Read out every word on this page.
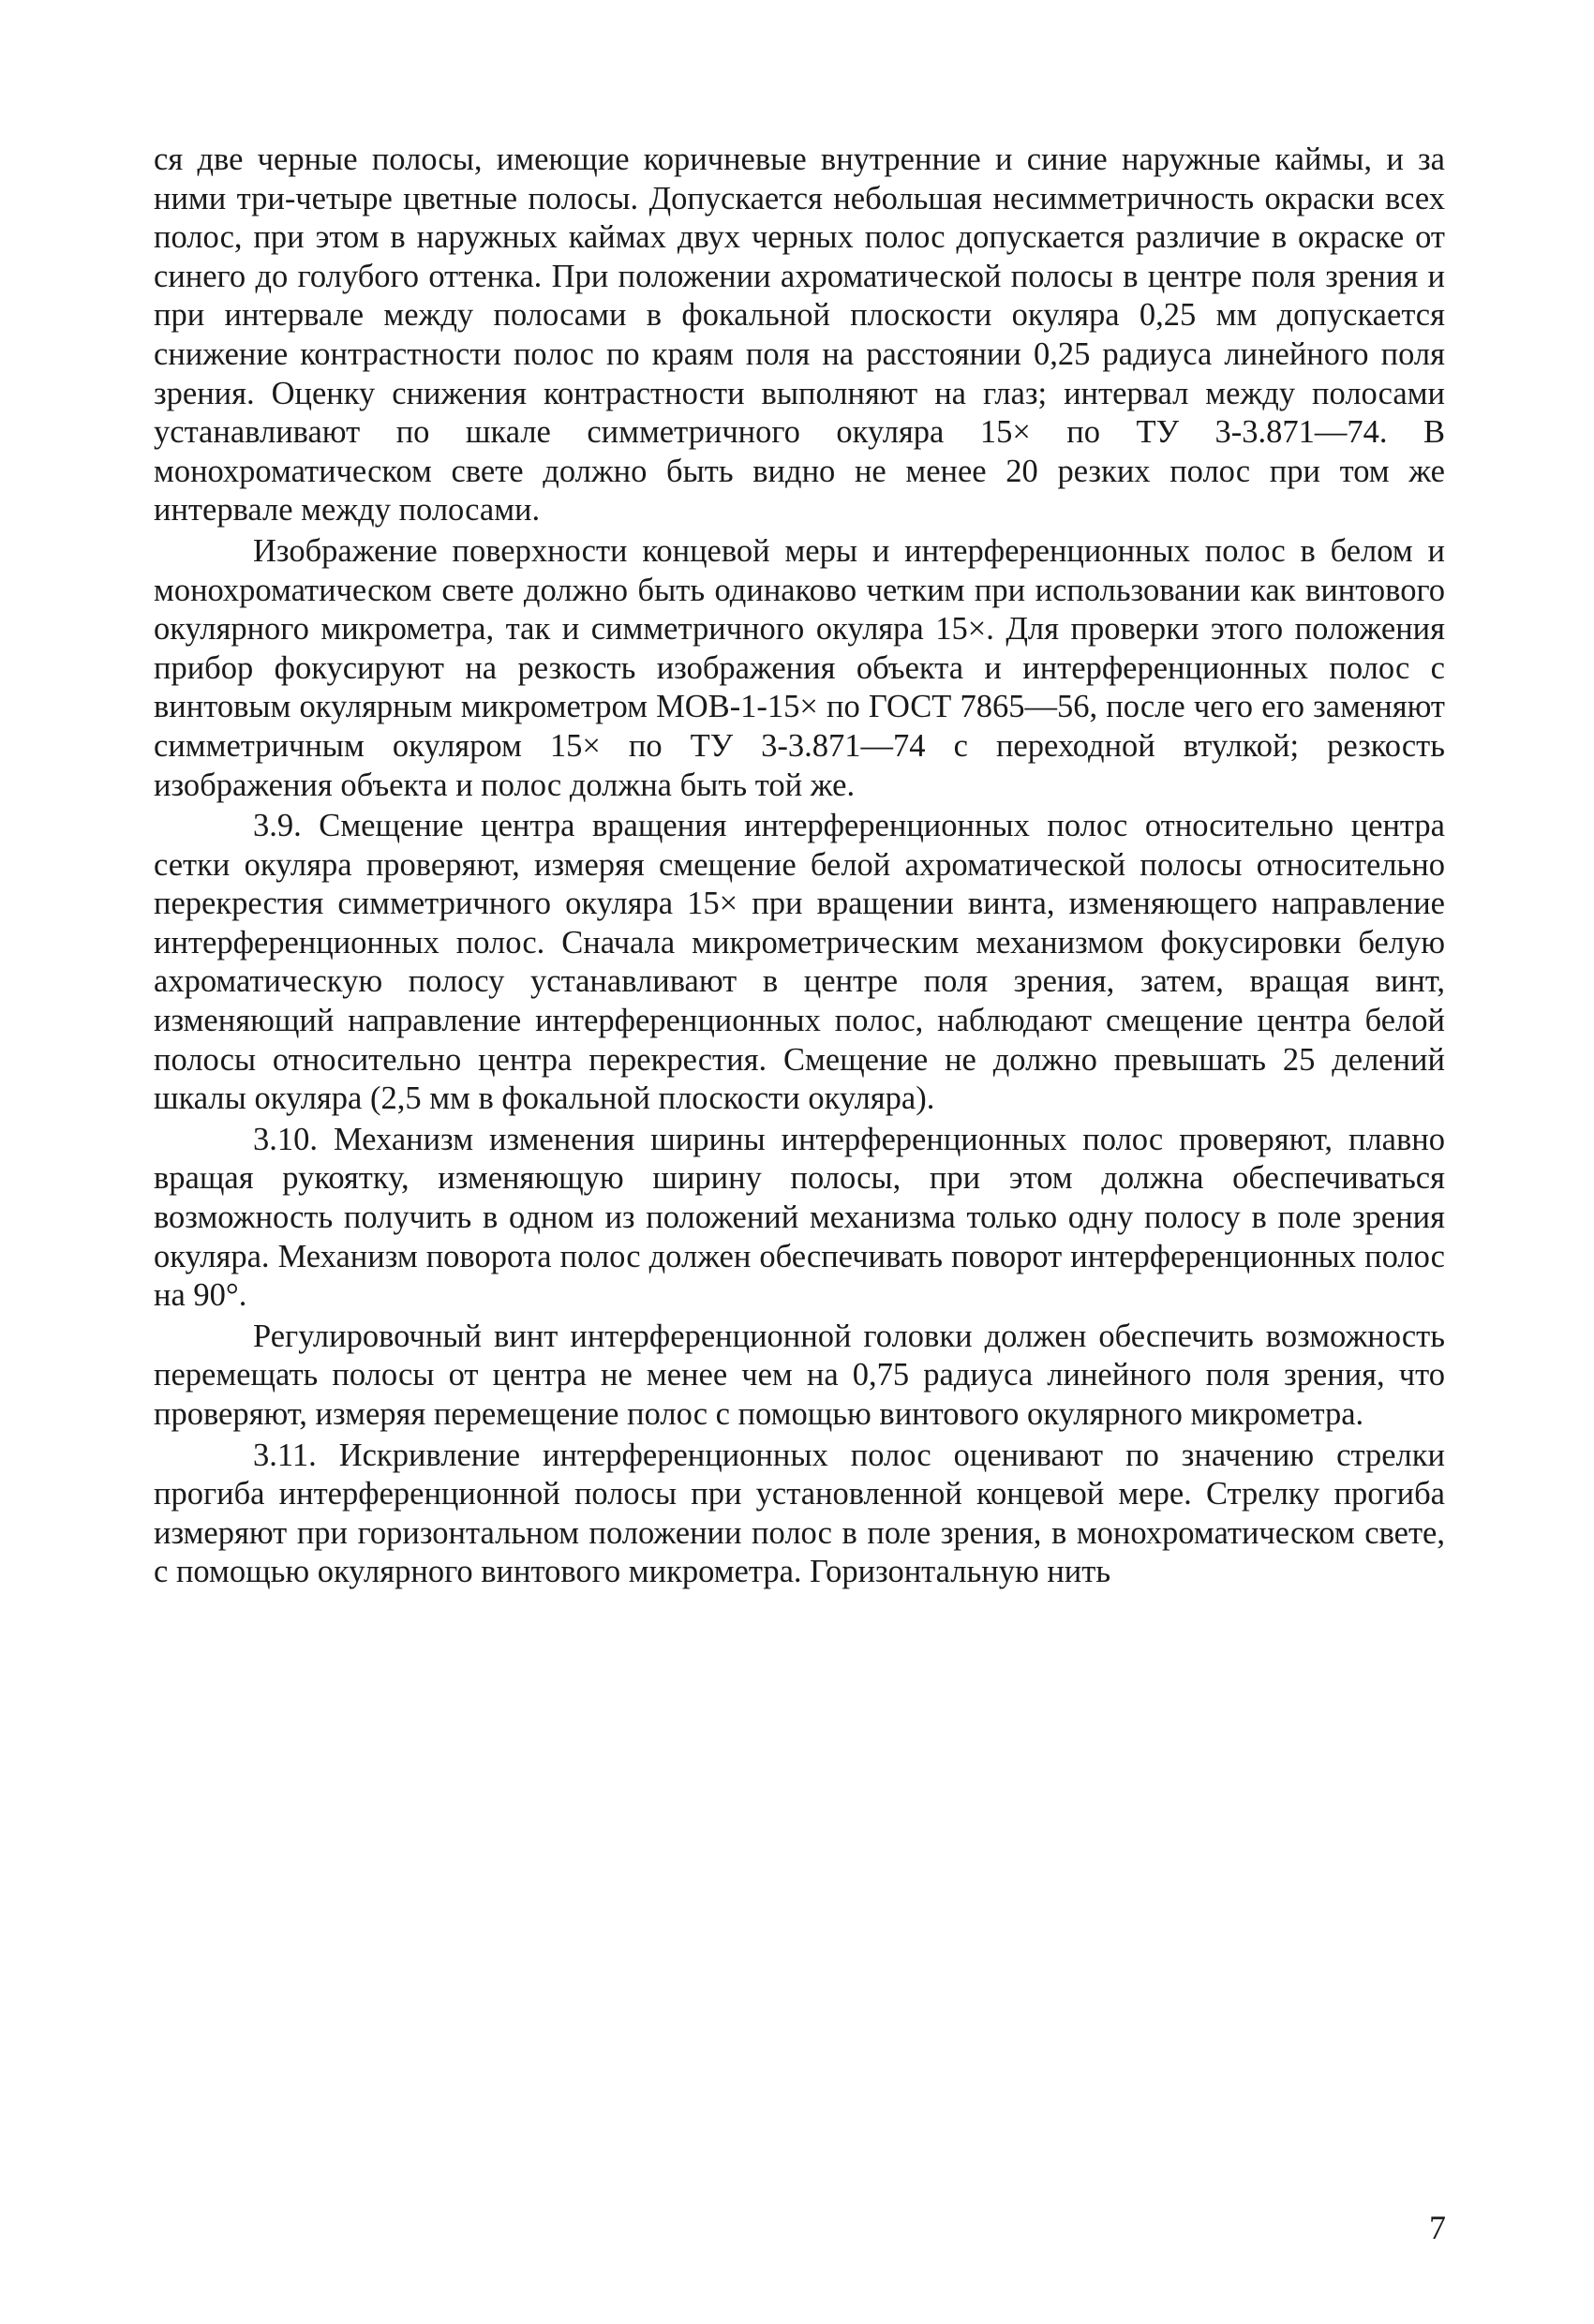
ся две черные полосы, имеющие коричневые внутренние и синие наружные каймы, и за ними три-четыре цветные полосы. Допускается небольшая несимметричность окраски всех полос, при этом в наружных каймах двух черных полос допускается различие в окраске от синего до голубого оттенка. При положении ахроматической полосы в центре поля зрения и при интервале между полосами в фокальной плоскости окуляра 0,25 мм допускается снижение контрастности полос по краям поля на расстоянии 0,25 радиуса линейного поля зрения. Оценку снижения контрастности выполняют на глаз; интервал между полосами устанавливают по шкале симметричного окуляра 15× по ТУ 3-3.871—74. В монохроматическом свете должно быть видно не менее 20 резких полос при том же интервале между полосами.

Изображение поверхности концевой меры и интерференционных полос в белом и монохроматическом свете должно быть одинаково четким при использовании как винтового окулярного микрометра, так и симметричного окуляра 15×. Для проверки этого положения прибор фокусируют на резкость изображения объекта и интерференционных полос с винтовым окулярным микрометром МОВ-1-15× по ГОСТ 7865—56, после чего его заменяют симметричным окуляром 15× по ТУ 3-3.871—74 с переходной втулкой; резкость изображения объекта и полос должна быть той же.

3.9. Смещение центра вращения интерференционных полос относительно центра сетки окуляра проверяют, измеряя смещение белой ахроматической полосы относительно перекрестия симметричного окуляра 15× при вращении винта, изменяющего направление интерференционных полос. Сначала микрометрическим механизмом фокусировки белую ахроматическую полосу устанавливают в центре поля зрения, затем, вращая винт, изменяющий направление интерференционных полос, наблюдают смещение центра белой полосы относительно центра перекрестия. Смещение не должно превышать 25 делений шкалы окуляра (2,5 мм в фокальной плоскости окуляра).

3.10. Механизм изменения ширины интерференционных полос проверяют, плавно вращая рукоятку, изменяющую ширину полосы, при этом должна обеспечиваться возможность получить в одном из положений механизма только одну полосу в поле зрения окуляра. Механизм поворота полос должен обеспечивать поворот интерференционных полос на 90°.

Регулировочный винт интерференционной головки должен обеспечить возможность перемещать полосы от центра не менее чем на 0,75 радиуса линейного поля зрения, что проверяют, измеряя перемещение полос с помощью винтового окулярного микрометра.

3.11. Искривление интерференционных полос оценивают по значению стрелки прогиба интерференционной полосы при установленной концевой мере. Стрелку прогиба измеряют при горизонтальном положении полос в поле зрения, в монохроматическом свете, с помощью окулярного винтового микрометра. Горизонтальную нить

7
